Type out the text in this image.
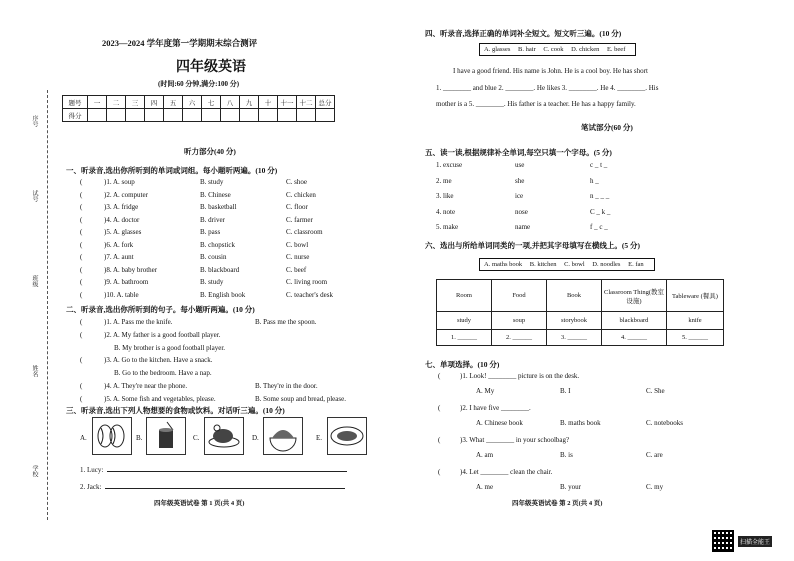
序号
试号
班级
姓名
学校
2023—2024 学年度第一学期期末综合测评
四年级英语
(时间:60 分钟,满分:100 分)
题号	一	二	三	四	五	六	七	八	九	十	十一	十二	总分
得分													
听力部分(40 分)
一、听录音,选出你所听到的单词或词组。每小题听两遍。(10 分)
(	)1. A. soup	B. study	C. shoe
(	)2. A. computer	B. Chinese	C. chicken
(	)3. A. fridge	B. basketball	C. floor
(	)4. A. doctor	B. driver	C. farmer
(	)5. A. glasses	B. pass	C. classroom
(	)6. A. fork	B. chopstick	C. bowl
(	)7. A. aunt	B. cousin	C. nurse
(	)8. A. baby brother	B. blackboard	C. beef
(	)9. A. bathroom	B. study	C. living room
(	)10. A. table	B. English book	C. teacher's desk
二、听录音,选出你所听到的句子。每小题听两遍。(10 分)
(	)1. A. Pass me the knife.	B. Pass me the spoon.
(	)2. A. My father is a good football player.
B. My brother is a good football player.
(	)3. A. Go to the kitchen. Have a snack.
B. Go to the bedroom. Have a nap.
(	)4. A. They're near the phone.	B. They're in the door.
(	)5. A. Some fish and vegetables, please.	B. Some soup and bread, please.
三、听录音,选出下列人物想要的食物或饮料。对话听三遍。(10 分)
A.	B.	C.	D.	E.
1. Lucy:
2. Jack:
四年级英语试卷 第 1 页(共 4 页)
四、听录音,选择正确的单词补全短文。短文听三遍。(10 分)
A. glasses B. hair C. cook D. chicken E. beef
I have a good friend. His name is John. He is a cool boy. He has short
1. ________ and blue 2. ________. He likes 3. ________. He 4. ________. His
mother is a 5. ________. His father is a teacher. He has a happy family.
笔试部分(60 分)
五、读一读,根据规律补全单词,每空只填一个字母。(5 分)
1. excuse	use	c _ t _
2. me	she	h _
3. like	ice	n _ _ _
4. note	nose	C _ k _
5. make	name	f _ c _
六、选出与所给单词同类的一项,并把其字母填写在横线上。(5 分)
A. maths book B. kitchen C. bowl D. noodles E. fan
Room	Food	Book	Classroom Thing(教室设施)	Tableware (餐具)
study	soup	storybook	blackboard	knife
1. ______	2. ______	3. ______	4. ______	5. ______
七、单项选择。(10 分)
(	)1. Look! ________ picture is on the desk.
A. My	B. I	C. She
(	)2. I have five ________.
A. Chinese book	B. maths book	C. notebooks
(	)3. What ________ in your schoolbag?
A. am	B. is	C. are
(	)4. Let ________ clean the chair.
A. me	B. your	C. my
四年级英语试卷 第 2 页(共 4 页)
扫描全能王
